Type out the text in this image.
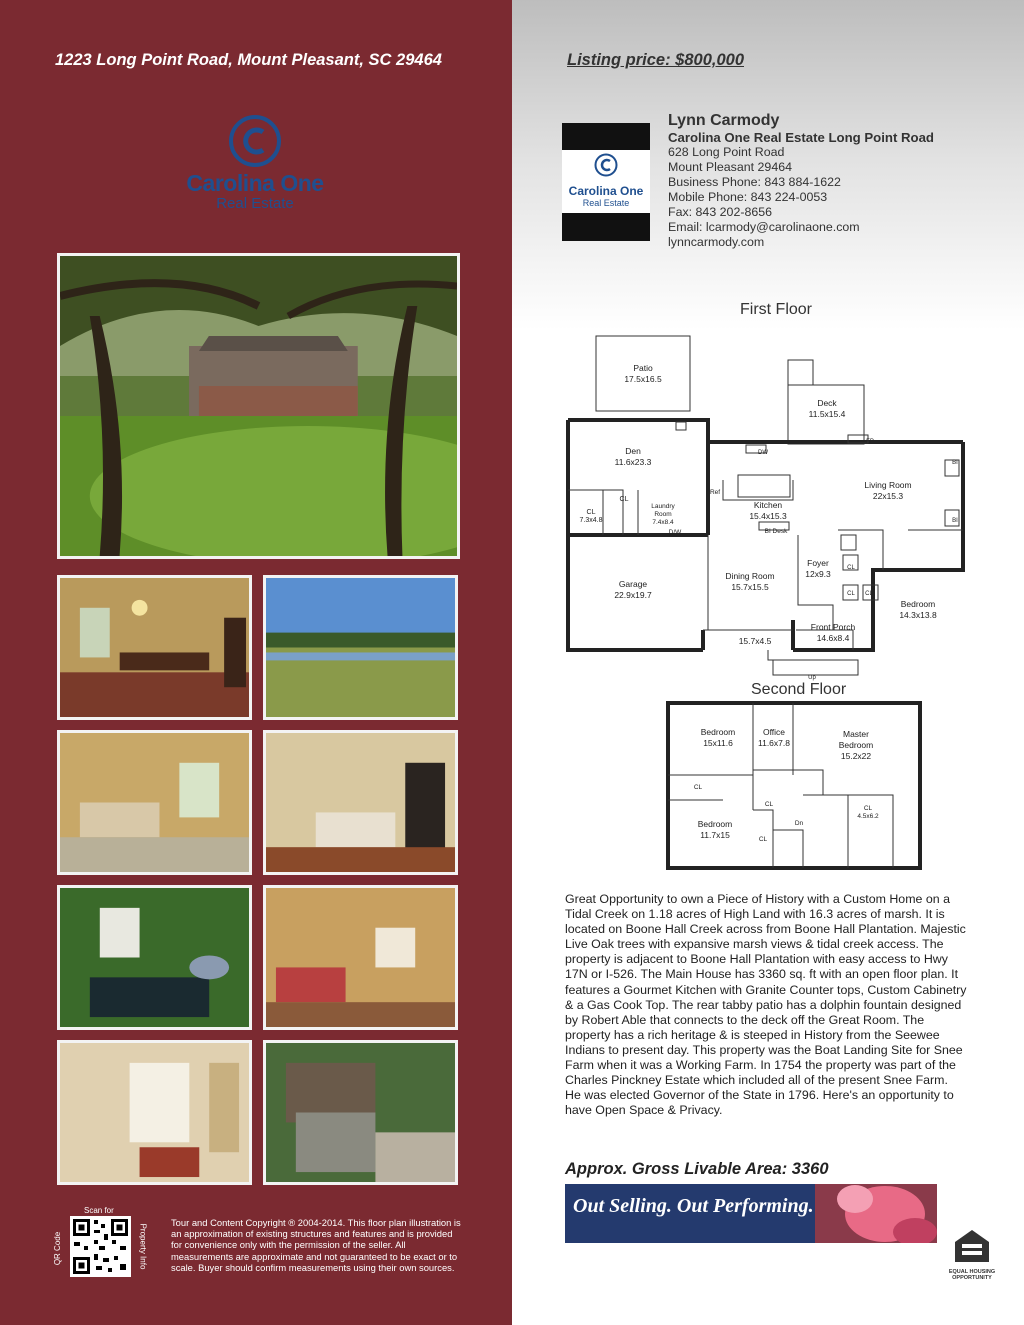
1223 Long Point Road, Mount Pleasant, SC 29464	Listing price: $800,000
Carolina One
Real Estate
Carolina One
Real Estate
Lynn Carmody
Carolina One Real Estate Long Point Road
628 Long Point Road
Mount Pleasant 29464
Business Phone: 843 884-1622
Mobile Phone: 843 224-0053
Fax: 843 202-8656
Email: lcarmody@carolinaone.com
lynncarmody.com
First Floor
Patio
17.5x16.5
Deck
11.5x15.4
Den
11.6x23.3
CL
7.3x4.8
CL
Laundry
Room
7.4x8.4
D/W
DW
Ref
Kitchen
15.4x15.3
BI Desk
Living Room
22x15.3
BI
BI
FP
Garage
22.9x19.7
Dining Room
15.7x15.5
Foyer
12x9.3
Bedroom
14.3x13.8
Front Porch
14.6x8.4
15.7x4.5
Up
CL
CL CL
Second Floor
Bedroom
15x11.6
Office
11.6x7.8
Master
Bedroom
15.2x22
CL
CL
CL
CL
4.5x6.2
Bedroom
11.7x15
Dn
Great Opportunity to own a Piece of History with a Custom Home on a Tidal Creek on 1.18 acres of High Land with 16.3 acres of marsh. It is located on Boone Hall Creek across from Boone Hall Plantation. Majestic Live Oak trees with expansive marsh views & tidal creek access. The property is adjacent to Boone Hall Plantation with easy access to Hwy 17N or I-526. The Main House has 3360 sq. ft with an open floor plan. It features a Gourmet Kitchen with Granite Counter tops, Custom Cabinetry & a Gas Cook Top. The rear tabby patio has a dolphin fountain designed by Robert Able that connects to the deck off the Great Room. The property has a rich heritage & is steeped in History from the Seewee Indians to present day. This property was the Boat Landing Site for Snee Farm when it was a Working Farm. In 1754 the property was part of the Charles Pinckney Estate which included all of the present Snee Farm. He was elected Governor of the State in 1796. Here's an opportunity to have Open Space & Privacy.
Approx. Gross Livable Area: 3360
Out Selling. Out Performing.
EQUAL HOUSING
OPPORTUNITY
Scan for
QR Code	Property Info
Tour and Content Copyright ® 2004-2014. This floor plan illustration is an approximation of existing structures and features and is provided for convenience only with the permission of the seller. All measurements are approximate and not guaranteed to be exact or to scale. Buyer should confirm measurements using their own sources.
